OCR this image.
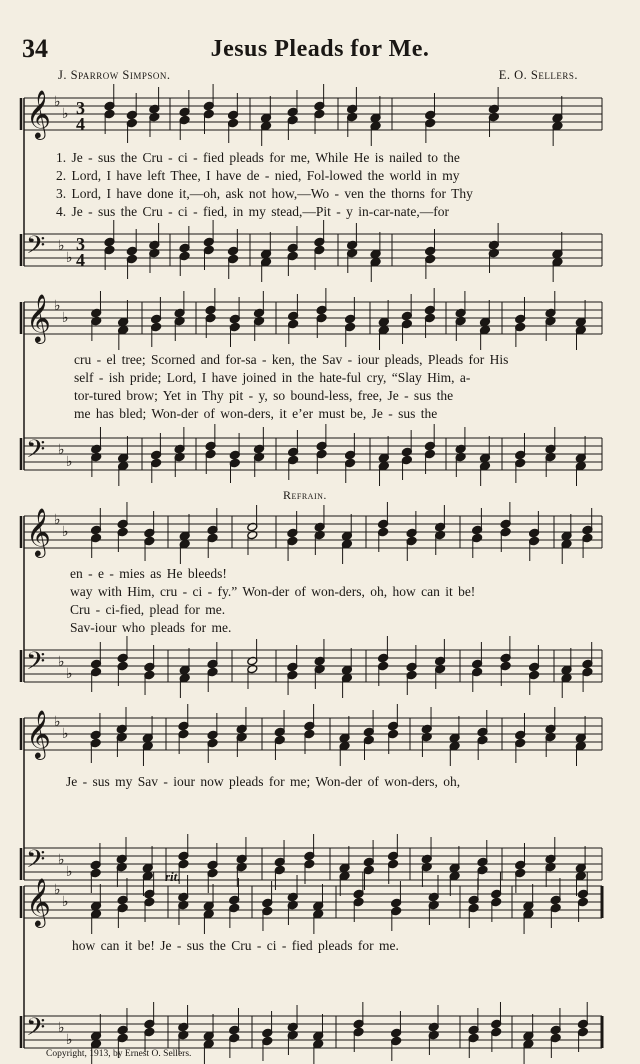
𝄞 ♭
♭ 3
4
𝄢 ♭
♭
3
4
𝄞 ♭
♭
𝄢 ♭
♭
𝄞 ♭
♭
𝄢 ♭
♭
𝄞 ♭
♭
𝄢 ♭
♭
𝄞 ♭
♭
𝄢 ♭
♭
34	Jesus Pleads for Me.
J. Sparrow Simpson.	E. O. Sellers.
1. Je - sus the Cru - ci - fied pleads for me, While He is nailed to the
2. Lord, I have left Thee, I have de - nied, Fol-lowed the world in my
3. Lord, I have done it,—oh, ask not how,—Wo - ven the thorns for Thy
4. Je - sus the Cru - ci - fied, in my stead,—Pit - y in-car-nate,—for
cru - el tree; Scorned and for-sa - ken, the Sav - iour pleads, Pleads for His
self - ish pride; Lord, I have joined in the hate-ful cry, “Slay Him, a-
tor-tured brow; Yet in Thy pit - y, so bound-less, free, Je - sus the
me has bled; Won-der of won-ders, it e’er must be, Je - sus the
Refrain.
en - e - mies as He bleeds!
way with Him, cru - ci - fy.” Won-der of won-ders, oh, how can it be!
Cru - ci-fied, plead for me.
Sav-iour who pleads for me.
Je - sus my Sav - iour now pleads for me; Won-der of won-ders, oh,
rit.
how can it be! Je - sus the Cru - ci - fied pleads for me.
Copyright, 1913, by Ernest O. Sellers.
